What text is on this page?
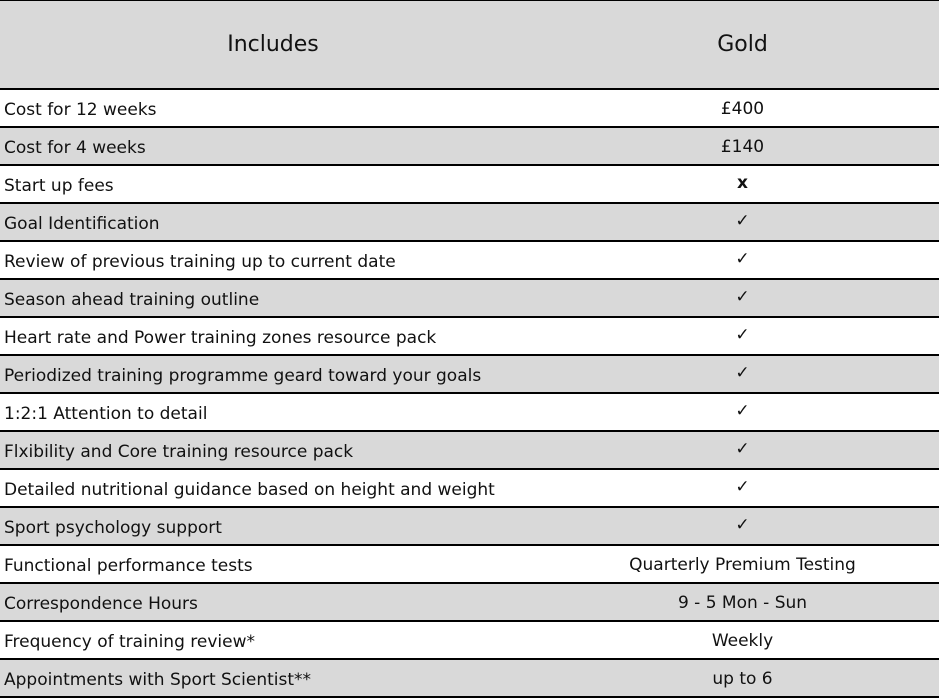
Includes	Gold
Cost for 12 weeks	£400
Cost for 4 weeks	£140
Start up fees	x
Goal Identification	✓
Review of previous training up to current date	✓
Season ahead training outline	✓
Heart rate and Power training zones resource pack	✓
Periodized training programme geard toward your goals	✓
1:2:1 Attention to detail	✓
Flxibility and Core training resource pack	✓
Detailed nutritional guidance based on height and weight	✓
Sport psychology support	✓
Functional performance tests	Quarterly Premium Testing
Correspondence Hours	9 - 5 Mon - Sun
Frequency of training review*	Weekly
Appointments with Sport Scientist**	up to 6
